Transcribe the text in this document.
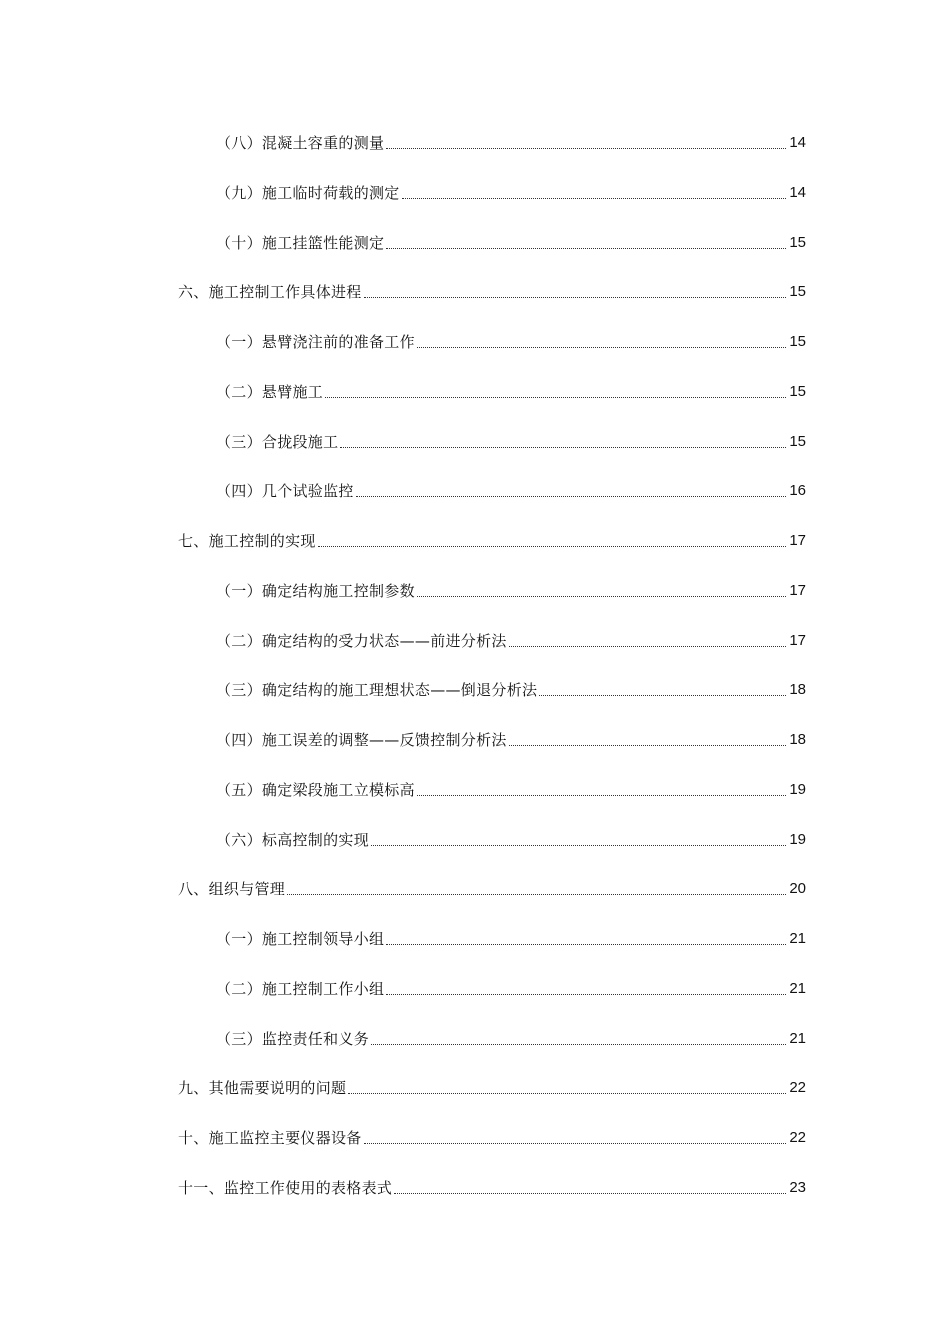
（八）混凝土容重的测量	14
（九）施工临时荷载的测定	14
（十）施工挂篮性能测定	15
六、施工控制工作具体进程	15
（一）悬臂浇注前的准备工作	15
（二）悬臂施工	15
（三）合拢段施工	15
（四）几个试验监控	16
七、施工控制的实现	17
（一）确定结构施工控制参数	17
（二）确定结构的受力状态——前进分析法	17
（三）确定结构的施工理想状态——倒退分析法	18
（四）施工误差的调整——反馈控制分析法	18
（五）确定梁段施工立模标高	19
（六）标高控制的实现	19
八、组织与管理	20
（一）施工控制领导小组	21
（二）施工控制工作小组	21
（三）监控责任和义务	21
九、其他需要说明的问题	22
十、施工监控主要仪器设备	22
十一、监控工作使用的表格表式	23
